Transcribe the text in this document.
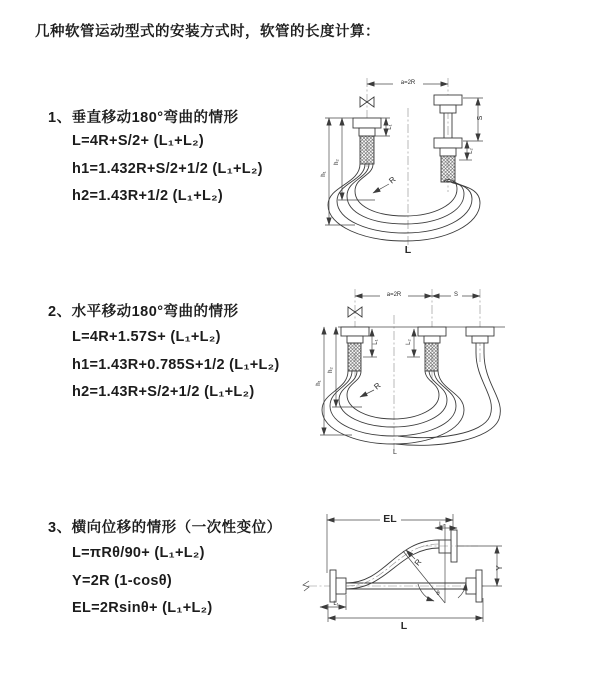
几种软管运动型式的安装方式时，软管的长度计算：
1、垂直移动180°弯曲的情形
L=4R+S/2+ (L₁+L₂)
h1=1.432R+S/2+1/2 (L₁+L₂)
h2=1.43R+1/2 (L₁+L₂)
a=2R
S
L₂
L₁
h₁
h₂
R
L
2、水平移动180°弯曲的情形
L=4R+1.57S+ (L₁+L₂)
h1=1.43R+0.785S+1/2 (L₁+L₂)
h2=1.43R+S/2+1/2 (L₁+L₂)
a=2R	S
L₁	L₂
h₁
h₂
R
L
3、横向位移的情形（一次性变位）
L=πRθ/90+ (L₁+L₂)
Y=2R (1-cosθ)
EL=2Rsinθ+ (L₁+L₂)
EL	L₂
Y
R
θ
L₁
L
